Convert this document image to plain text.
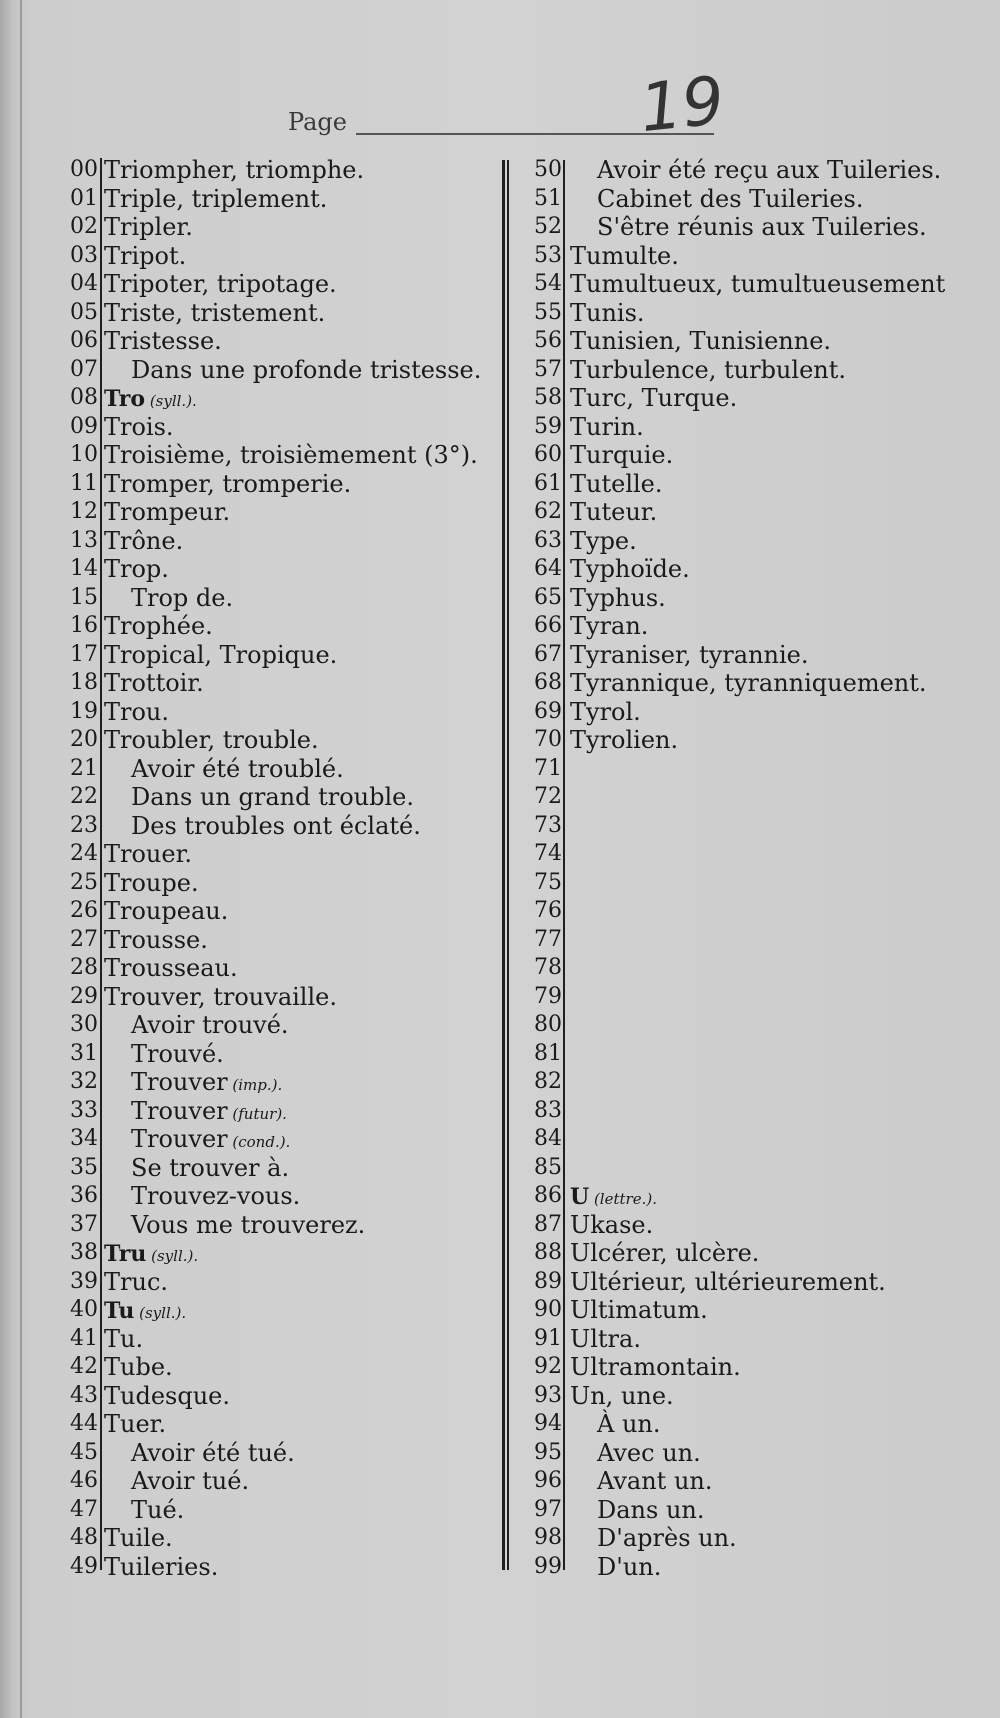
Page	19
00 Triompher, triomphe.
01 Triple, triplement.
02 Tripler.
03 Tripot.
04 Tripoter, tripotage.
05 Triste, tristement.
06 Tristesse.
07 Dans une profonde tristesse.
08 Tro (syll.).
09 Trois.
10 Troisième, troisièmement (3°).
11 Tromper, tromperie.
12 Trompeur.
13 Trône.
14 Trop.
15 Trop de.
16 Trophée.
17 Tropical, Tropique.
18 Trottoir.
19 Trou.
20 Troubler, trouble.
21 Avoir été troublé.
22 Dans un grand trouble.
23 Des troubles ont éclaté.
24 Trouer.
25 Troupe.
26 Troupeau.
27 Trousse.
28 Trousseau.
29 Trouver, trouvaille.
30 Avoir trouvé.
31 Trouvé.
32 Trouver (imp.).
33 Trouver (futur).
34 Trouver (cond.).
35 Se trouver à.
36 Trouvez-vous.
37 Vous me trouverez.
38 Tru (syll.).
39 Truc.
40 Tu (syll.).
41 Tu.
42 Tube.
43 Tudesque.
44 Tuer.
45 Avoir été tué.
46 Avoir tué.
47 Tué.
48 Tuile.
49 Tuileries.
50 Avoir été reçu aux Tuileries.
51 Cabinet des Tuileries.
52 S'être réunis aux Tuileries.
53 Tumulte.
54 Tumultueux, tumultueusement
55 Tunis.
56 Tunisien, Tunisienne.
57 Turbulence, turbulent.
58 Turc, Turque.
59 Turin.
60 Turquie.
61 Tutelle.
62 Tuteur.
63 Type.
64 Typhoïde.
65 Typhus.
66 Tyran.
67 Tyraniser, tyrannie.
68 Tyrannique, tyranniquement.
69 Tyrol.
70 Tyrolien.
71
72
73
74
75
76
77
78
79
80
81
82
83
84
85
86 U (lettre.).
87 Ukase.
88 Ulcérer, ulcère.
89 Ultérieur, ultérieurement.
90 Ultimatum.
91 Ultra.
92 Ultramontain.
93 Un, une.
94 À un.
95 Avec un.
96 Avant un.
97 Dans un.
98 D'après un.
99 D'un.
